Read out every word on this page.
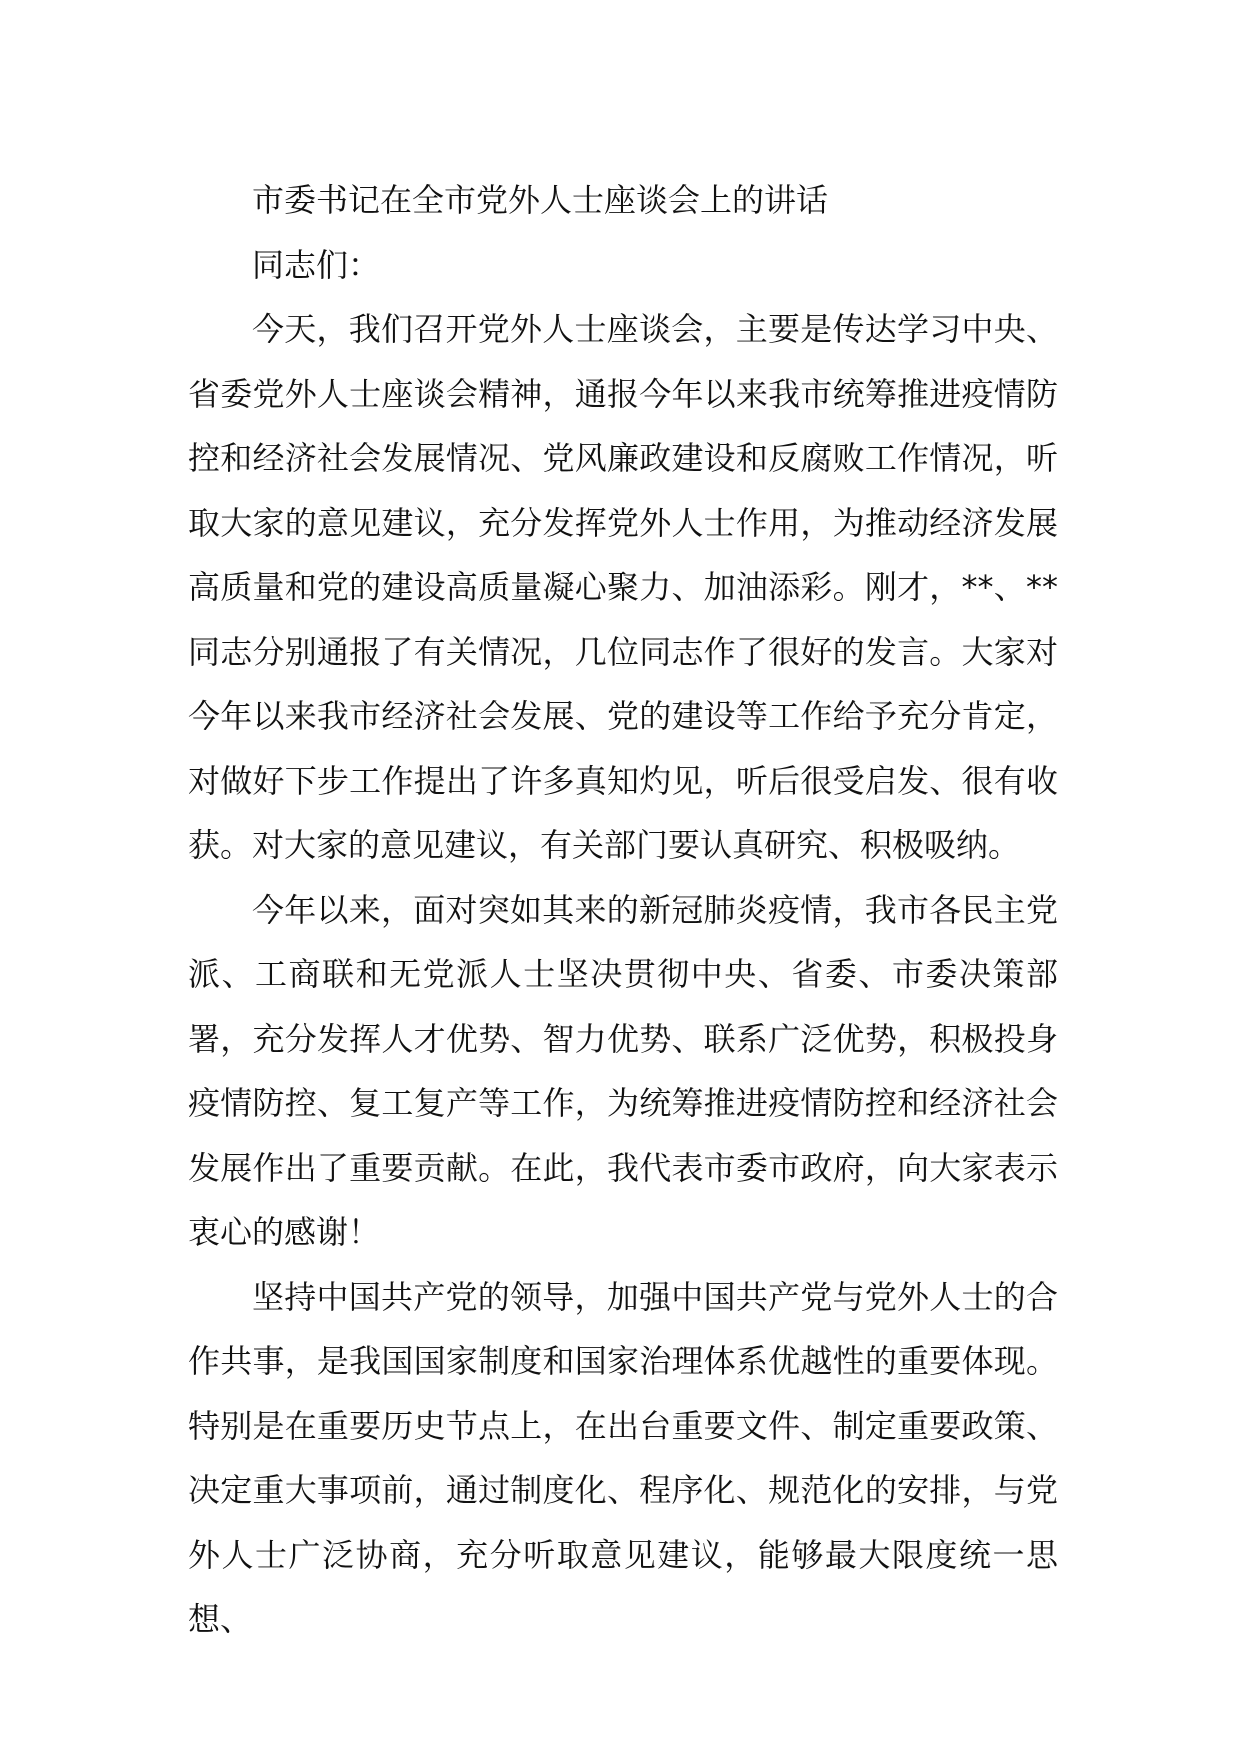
市委书记在全市党外人士座谈会上的讲话

同志们：

今天，我们召开党外人士座谈会，主要是传达学习中央、省委党外人士座谈会精神，通报今年以来我市统筹推进疫情防控和经济社会发展情况、党风廉政建设和反腐败工作情况，听取大家的意见建议，充分发挥党外人士作用，为推动经济发展高质量和党的建设高质量凝心聚力、加油添彩。刚才，**、**同志分别通报了有关情况，几位同志作了很好的发言。大家对今年以来我市经济社会发展、党的建设等工作给予充分肯定，对做好下步工作提出了许多真知灼见，听后很受启发、很有收获。对大家的意见建议，有关部门要认真研究、积极吸纳。

今年以来，面对突如其来的新冠肺炎疫情，我市各民主党派、工商联和无党派人士坚决贯彻中央、省委、市委决策部署，充分发挥人才优势、智力优势、联系广泛优势，积极投身疫情防控、复工复产等工作，为统筹推进疫情防控和经济社会发展作出了重要贡献。在此，我代表市委市政府，向大家表示衷心的感谢！

坚持中国共产党的领导，加强中国共产党与党外人士的合作共事，是我国国家制度和国家治理体系优越性的重要体现。特别是在重要历史节点上，在出台重要文件、制定重要政策、决定重大事项前，通过制度化、程序化、规范化的安排，与党外人士广泛协商，充分听取意见建议，能够最大限度统一思想、
